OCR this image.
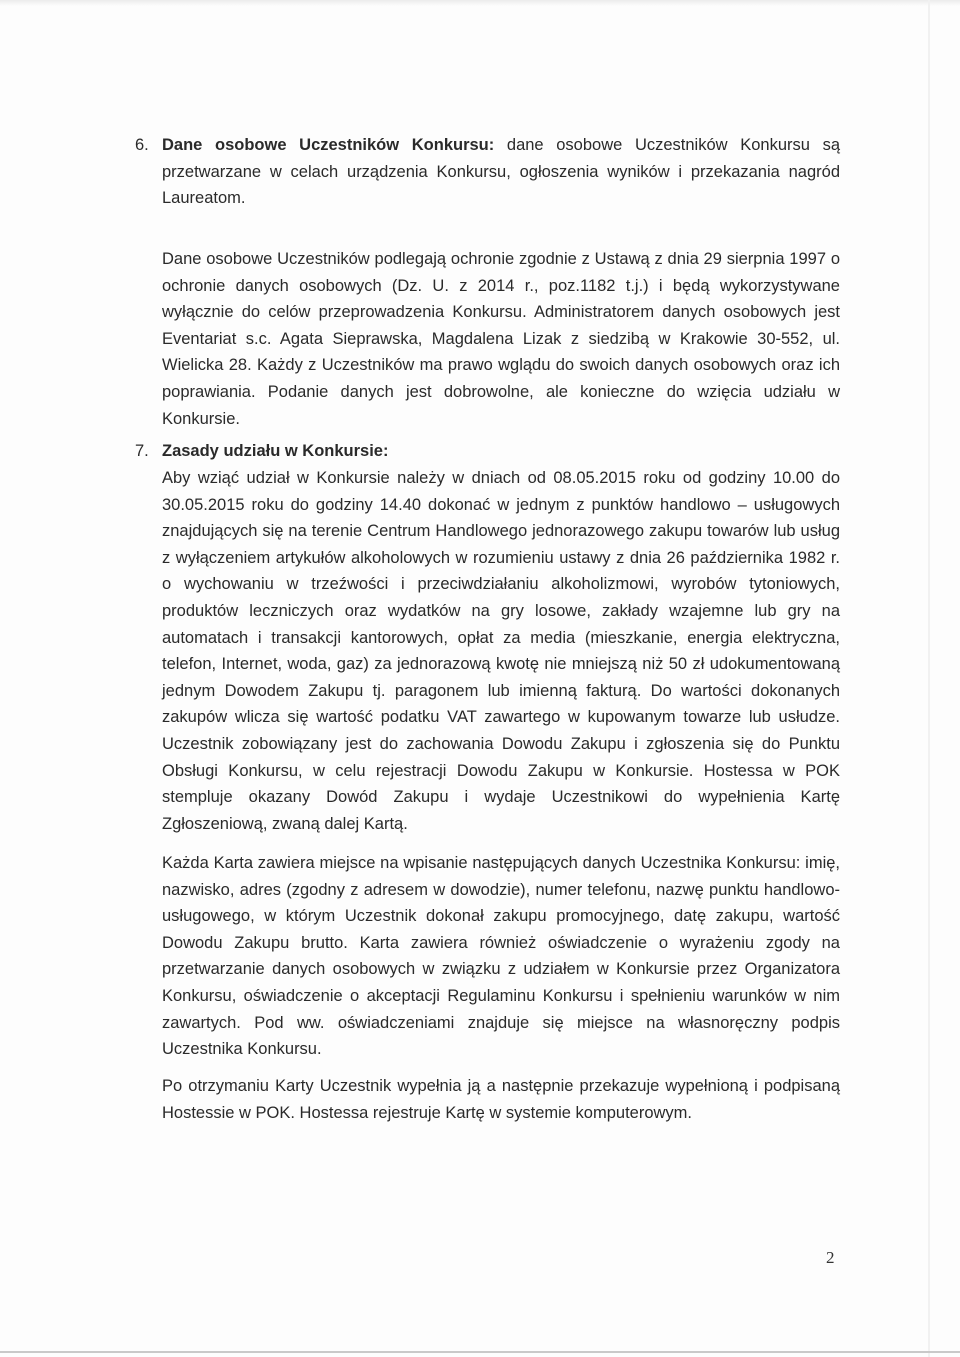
6. Dane osobowe Uczestników Konkursu: dane osobowe Uczestników Konkursu są przetwarzane w celach urządzenia Konkursu, ogłoszenia wyników i przekazania nagród Laureatom.

Dane osobowe Uczestników podlegają ochronie zgodnie z Ustawą z dnia 29 sierpnia 1997 o ochronie danych osobowych (Dz. U. z 2014 r., poz.1182 t.j.) i będą wykorzystywane wyłącznie do celów przeprowadzenia Konkursu. Administratorem danych osobowych jest Eventariat s.c. Agata Sieprawska, Magdalena Lizak z siedzibą w Krakowie 30-552, ul. Wielicka 28. Każdy z Uczestników ma prawo wglądu do swoich danych osobowych oraz ich poprawiania. Podanie danych jest dobrowolne, ale konieczne do wzięcia udziału w Konkursie.

7. Zasady udziału w Konkursie:

Aby wziąć udział w Konkursie należy w dniach od 08.05.2015 roku od godziny 10.00 do 30.05.2015 roku do godziny 14.40 dokonać w jednym z punktów handlowo – usługowych znajdujących się na terenie Centrum Handlowego jednorazowego zakupu towarów lub usług z wyłączeniem artykułów alkoholowych w rozumieniu ustawy z dnia 26 października 1982 r. o wychowaniu w trzeźwości i przeciwdziałaniu alkoholizmowi, wyrobów tytoniowych, produktów leczniczych oraz wydatków na gry losowe, zakłady wzajemne lub gry na automatach i transakcji kantorowych, opłat za media (mieszkanie, energia elektryczna, telefon, Internet, woda, gaz) za jednorazową kwotę nie mniejszą niż 50 zł udokumentowaną jednym Dowodem Zakupu tj. paragonem lub imienną fakturą. Do wartości dokonanych zakupów wlicza się wartość podatku VAT zawartego w kupowanym towarze lub usłudze. Uczestnik zobowiązany jest do zachowania Dowodu Zakupu i zgłoszenia się do Punktu Obsługi Konkursu, w celu rejestracji Dowodu Zakupu w Konkursie. Hostessa w POK stempluje okazany Dowód Zakupu i wydaje Uczestnikowi do wypełnienia Kartę Zgłoszeniową, zwaną dalej Kartą.

Każda Karta zawiera miejsce na wpisanie następujących danych Uczestnika Konkursu: imię, nazwisko, adres (zgodny z adresem w dowodzie), numer telefonu, nazwę punktu handlowo-usługowego, w którym Uczestnik dokonał zakupu promocyjnego, datę zakupu, wartość Dowodu Zakupu brutto. Karta zawiera również oświadczenie o wyrażeniu zgody na przetwarzanie danych osobowych w związku z udziałem w Konkursie przez Organizatora Konkursu, oświadczenie o akceptacji Regulaminu Konkursu i spełnieniu warunków w nim zawartych. Pod ww. oświadczeniami znajduje się miejsce na własnoręczny podpis Uczestnika Konkursu.

Po otrzymaniu Karty Uczestnik wypełnia ją a następnie przekazuje wypełnioną i podpisaną Hostessie w POK. Hostessa rejestruje Kartę w systemie komputerowym.

2
